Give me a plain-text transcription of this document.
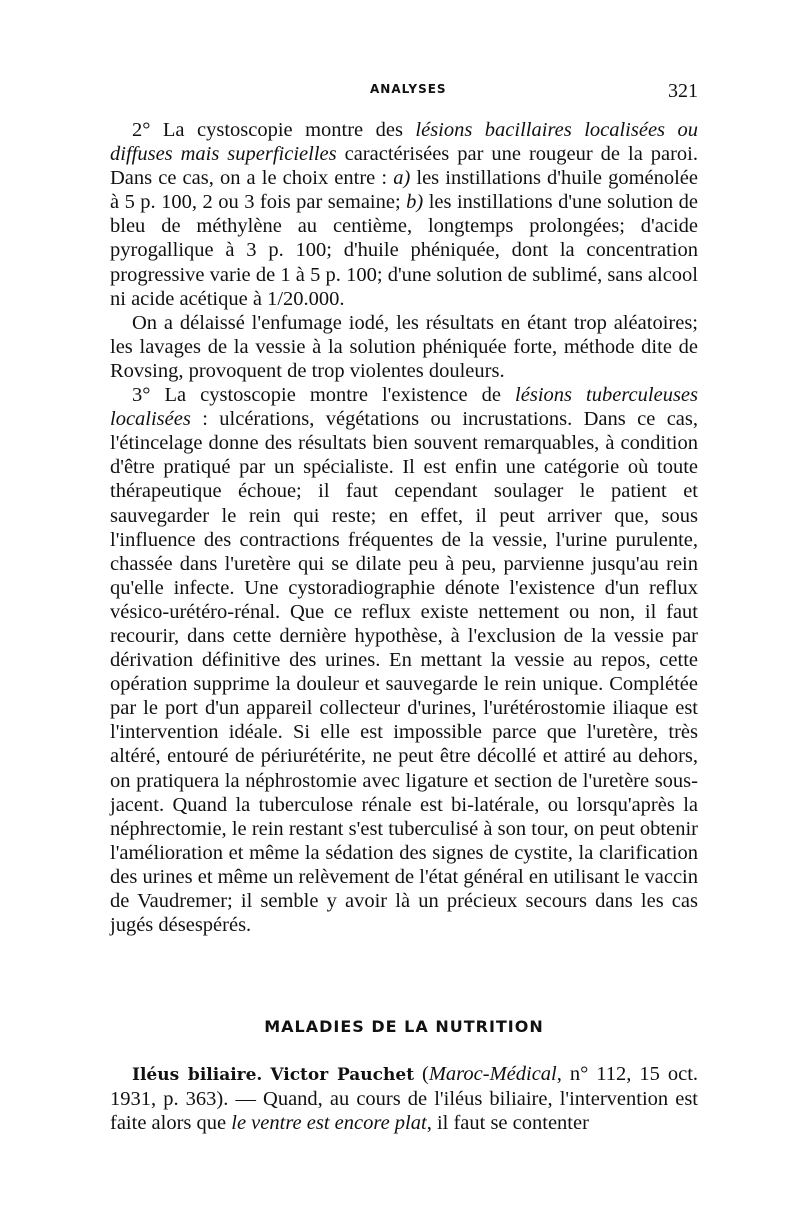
ANALYSES	321

2° La cystoscopie montre des lésions bacillaires localisées ou diffuses mais superficielles caractérisées par une rougeur de la paroi. Dans ce cas, on a le choix entre : a) les instillations d'huile goménolée à 5 p. 100, 2 ou 3 fois par semaine; b) les instillations d'une solution de bleu de méthylène au centième, longtemps prolongées; d'acide pyrogallique à 3 p. 100; d'huile phéniquée, dont la concentration progressive varie de 1 à 5 p. 100; d'une solution de sublimé, sans alcool ni acide acétique à 1/20.000.

On a délaissé l'enfumage iodé, les résultats en étant trop aléatoires; les lavages de la vessie à la solution phéniquée forte, méthode dite de Rovsing, provoquent de trop violentes douleurs.

3° La cystoscopie montre l'existence de lésions tuberculeuses localisées : ulcérations, végétations ou incrustations. Dans ce cas, l'étincelage donne des résultats bien souvent remarquables, à condition d'être pratiqué par un spécialiste. Il est enfin une catégorie où toute thérapeutique échoue; il faut cependant soulager le patient et sauvegarder le rein qui reste; en effet, il peut arriver que, sous l'influence des contractions fréquentes de la vessie, l'urine purulente, chassée dans l'uretère qui se dilate peu à peu, parvienne jusqu'au rein qu'elle infecte. Une cystoradiographie dénote l'existence d'un reflux vésico-urétéro-rénal. Que ce reflux existe nettement ou non, il faut recourir, dans cette dernière hypothèse, à l'exclusion de la vessie par dérivation définitive des urines. En mettant la vessie au repos, cette opération supprime la douleur et sauvegarde le rein unique. Complétée par le port d'un appareil collecteur d'urines, l'urétérostomie iliaque est l'intervention idéale. Si elle est impossible parce que l'uretère, très altéré, entouré de périurétérite, ne peut être décollé et attiré au dehors, on pratiquera la néphrostomie avec ligature et section de l'uretère sous-jacent. Quand la tuberculose rénale est bi-latérale, ou lorsqu'après la néphrectomie, le rein restant s'est tuberculisé à son tour, on peut obtenir l'amélioration et même la sédation des signes de cystite, la clarification des urines et même un relèvement de l'état général en utilisant le vaccin de Vaudremer; il semble y avoir là un précieux secours dans les cas jugés désespérés.

MALADIES DE LA NUTRITION

Iléus biliaire. Victor Pauchet (Maroc-Médical, n° 112, 15 oct. 1931, p. 363). — Quand, au cours de l'iléus biliaire, l'intervention est faite alors que le ventre est encore plat, il faut se contenter
